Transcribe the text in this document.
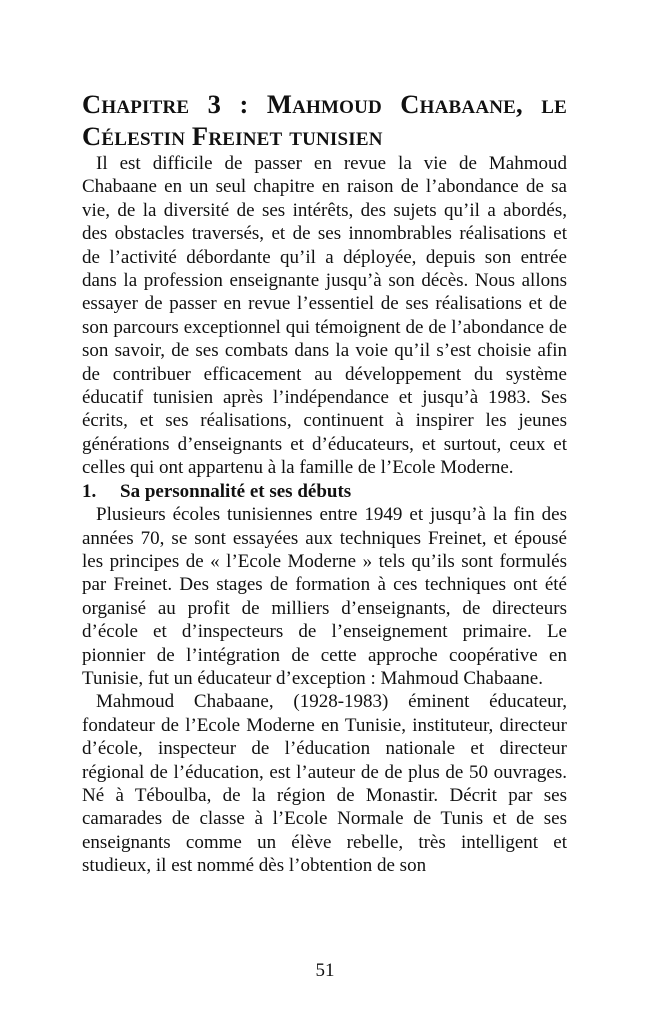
Chapitre 3 : Mahmoud Chabaane, le Célestin Freinet tunisien

Il est difficile de passer en revue la vie de Mahmoud Chabaane en un seul chapitre en raison de l’abondance de sa vie, de la diversité de ses intérêts, des sujets qu’il a abordés, des obstacles traversés, et de ses innombrables réalisations et de l’activité débordante qu’il a déployée, depuis son entrée dans la profession enseignante jusqu’à son décès. Nous allons essayer de passer en revue l’essentiel de ses réalisations et de son parcours exceptionnel qui témoignent de de l’abondance de son savoir, de ses combats dans la voie qu’il s’est choisie afin de contribuer efficacement au développement du système éducatif tunisien après l’indépendance et jusqu’à 1983. Ses écrits, et ses réalisations, continuent à inspirer les jeunes générations d’enseignants et d’éducateurs, et surtout, ceux et celles qui ont appartenu à la famille de l’Ecole Moderne.

1.	Sa personnalité et ses débuts

Plusieurs écoles tunisiennes entre 1949 et jusqu’à la fin des années 70, se sont essayées aux techniques Freinet, et épousé les principes de « l’Ecole Moderne » tels qu’ils sont formulés par Freinet. Des stages de formation à ces techniques ont été organisé au profit de milliers d’enseignants, de directeurs d’école et d’inspecteurs de l’enseignement primaire. Le pionnier de l’intégration de cette approche coopérative en Tunisie, fut un éducateur d’exception : Mahmoud Chabaane.

Mahmoud Chabaane, (1928-1983) éminent éducateur, fondateur de l’Ecole Moderne en Tunisie, instituteur, directeur d’école, inspecteur de l’éducation nationale et directeur régional de l’éducation, est l’auteur de de plus de 50 ouvrages. Né à Téboulba, de la région de Monastir. Décrit par ses camarades de classe à l’Ecole Normale de Tunis et de ses enseignants comme un élève rebelle, très intelligent et studieux, il est nommé dès l’obtention de son

51
